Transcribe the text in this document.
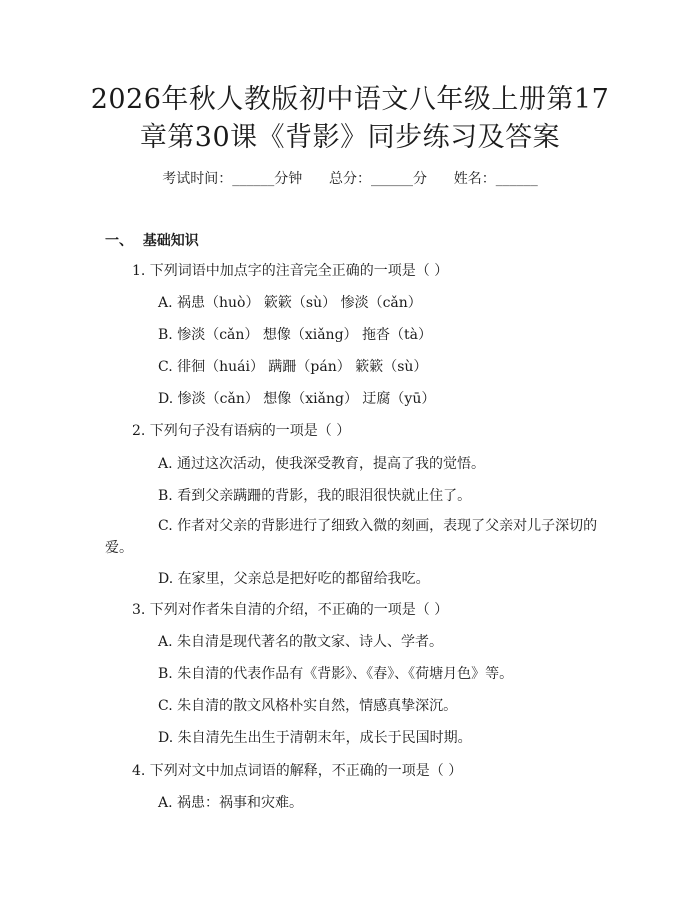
2026年秋人教版初中语文八年级上册第17
章第30课《背影》同步练习及答案
考试时间：______分钟      总分：______分      姓名：______
一、  基础知识
1. 下列词语中加点字的注音完全正确的一项是（ ）
A. 祸患（huò） 簌簌（sù） 惨淡（cǎn）
B. 惨淡（cǎn） 想像（xiǎng） 拖沓（tà）
C. 徘徊（huái） 蹒跚（pán） 簌簌（sù）
D. 惨淡（cǎn） 想像（xiǎng） 迂腐（yū）
2. 下列句子没有语病的一项是（ ）
A. 通过这次活动，使我深受教育，提高了我的觉悟。
B. 看到父亲蹒跚的背影，我的眼泪很快就止住了。
C. 作者对父亲的背影进行了细致入微的刻画，表现了父亲对儿子深切的
爱。
D. 在家里，父亲总是把好吃的都留给我吃。
3. 下列对作者朱自清的介绍，不正确的一项是（ ）
A. 朱自清是现代著名的散文家、诗人、学者。
B. 朱自清的代表作品有《背影》、《春》、《荷塘月色》等。
C. 朱自清的散文风格朴实自然，情感真挚深沉。
D. 朱自清先生出生于清朝末年，成长于民国时期。
4. 下列对文中加点词语的解释，不正确的一项是（ ）
A. 祸患：祸事和灾难。
